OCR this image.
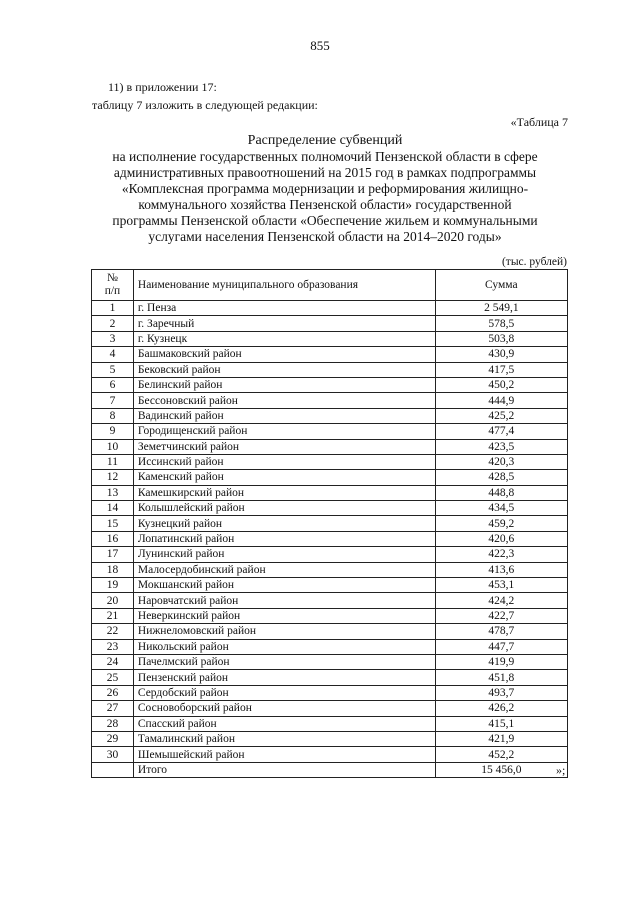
855
11) в приложении 17:
таблицу 7 изложить в следующей редакции:
«Таблица 7
Распределение субвенций
на исполнение государственных полномочий Пензенской области в сфере
административных правоотношений на 2015 год в рамках подпрограммы
«Комплексная программа модернизации и реформирования жилищно-
коммунального хозяйства Пензенской области» государственной
программы Пензенской области «Обеспечение жильем и коммунальными
услугами населения Пензенской области на 2014–2020 годы»
(тыс. рублей)
№
п/п	Наименование муниципального образования	Сумма
1	г. Пенза	2 549,1
2	г. Заречный	578,5
3	г. Кузнецк	503,8
4	Башмаковский район	430,9
5	Бековский район	417,5
6	Белинский район	450,2
7	Бессоновский район	444,9
8	Вадинский район	425,2
9	Городищенский район	477,4
10	Земетчинский район	423,5
11	Иссинский район	420,3
12	Каменский район	428,5
13	Камешкирский район	448,8
14	Колышлейский район	434,5
15	Кузнецкий район	459,2
16	Лопатинский район	420,6
17	Лунинский район	422,3
18	Малосердобинский район	413,6
19	Мокшанский район	453,1
20	Наровчатский район	424,2
21	Неверкинский район	422,7
22	Нижнеломовский район	478,7
23	Никольский район	447,7
24	Пачелмский район	419,9
25	Пензенский район	451,8
26	Сердобский район	493,7
27	Сосновоборский район	426,2
28	Спасский район	415,1
29	Тамалинский район	421,9
30	Шемышейский район	452,2
	Итого	15 456,0	»;
